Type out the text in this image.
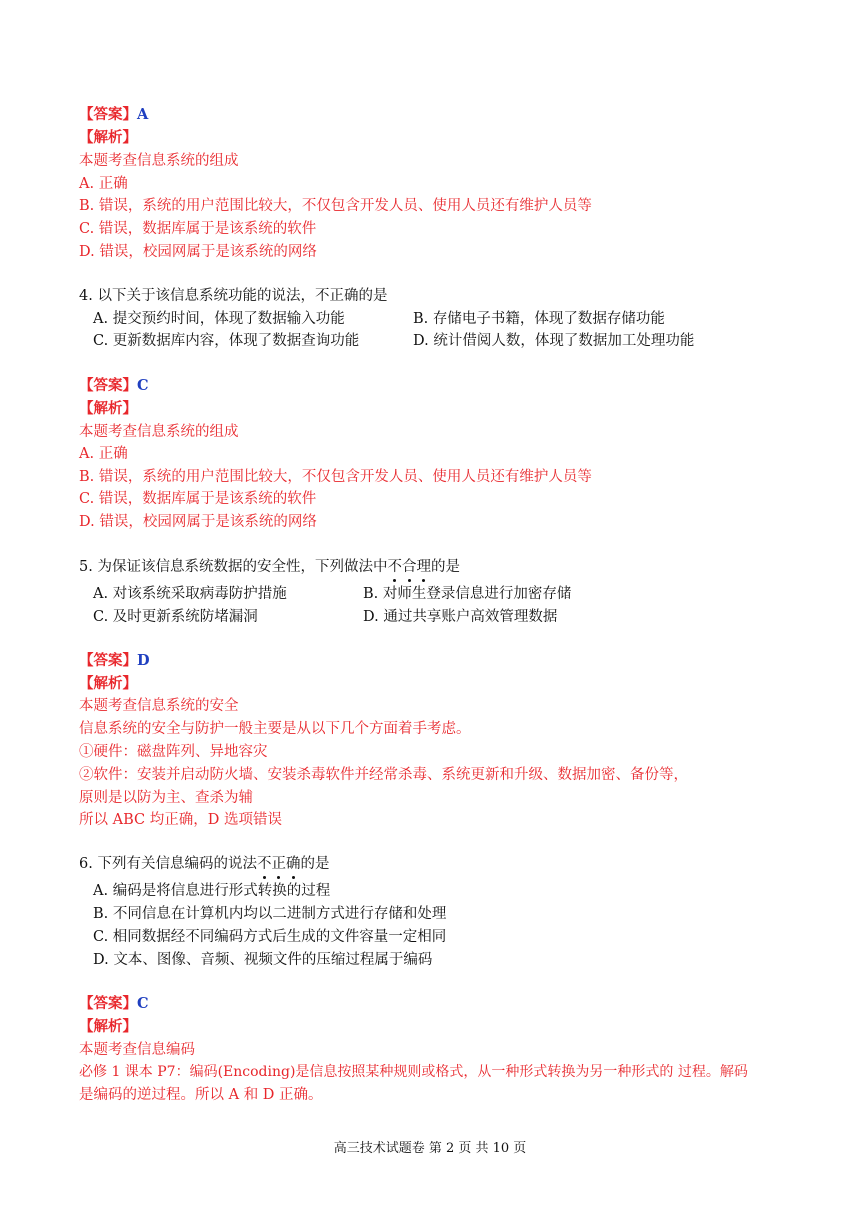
【答案】A
【解析】
本题考查信息系统的组成
A. 正确
B. 错误，系统的用户范围比较大，不仅包含开发人员、使用人员还有维护人员等
C. 错误，数据库属于是该系统的软件
D. 错误，校园网属于是该系统的网络
4. 以下关于该信息系统功能的说法，不正确的是
A. 提交预约时间，体现了数据输入功能	B. 存储电子书籍，体现了数据存储功能
C. 更新数据库内容，体现了数据查询功能	D. 统计借阅人数，体现了数据加工处理功能
【答案】C
【解析】
本题考查信息系统的组成
A. 正确
B. 错误，系统的用户范围比较大，不仅包含开发人员、使用人员还有维护人员等
C. 错误，数据库属于是该系统的软件
D. 错误，校园网属于是该系统的网络
5. 为保证该信息系统数据的安全性，下列做法中不合理的是
A. 对该系统采取病毒防护措施	B. 对师生登录信息进行加密存储
C. 及时更新系统防堵漏洞	D. 通过共享账户高效管理数据
【答案】D
【解析】
本题考查信息系统的安全
信息系统的安全与防护一般主要是从以下几个方面着手考虑。
①硬件：磁盘阵列、异地容灾
②软件：安装并启动防火墙、安装杀毒软件并经常杀毒、系统更新和升级、数据加密、备份等，
原则是以防为主、查杀为辅
所以 ABC 均正确，D 选项错误
6. 下列有关信息编码的说法不正确的是
A. 编码是将信息进行形式转换的过程
B. 不同信息在计算机内均以二进制方式进行存储和处理
C. 相同数据经不同编码方式后生成的文件容量一定相同
D. 文本、图像、音频、视频文件的压缩过程属于编码
【答案】C
【解析】
本题考查信息编码
必修 1 课本 P7：编码(Encoding)是信息按照某种规则或格式，从一种形式转换为另一种形式的 过程。解码
是编码的逆过程。所以 A 和 D 正确。
高三技术试题卷 第 2 页 共 10 页
